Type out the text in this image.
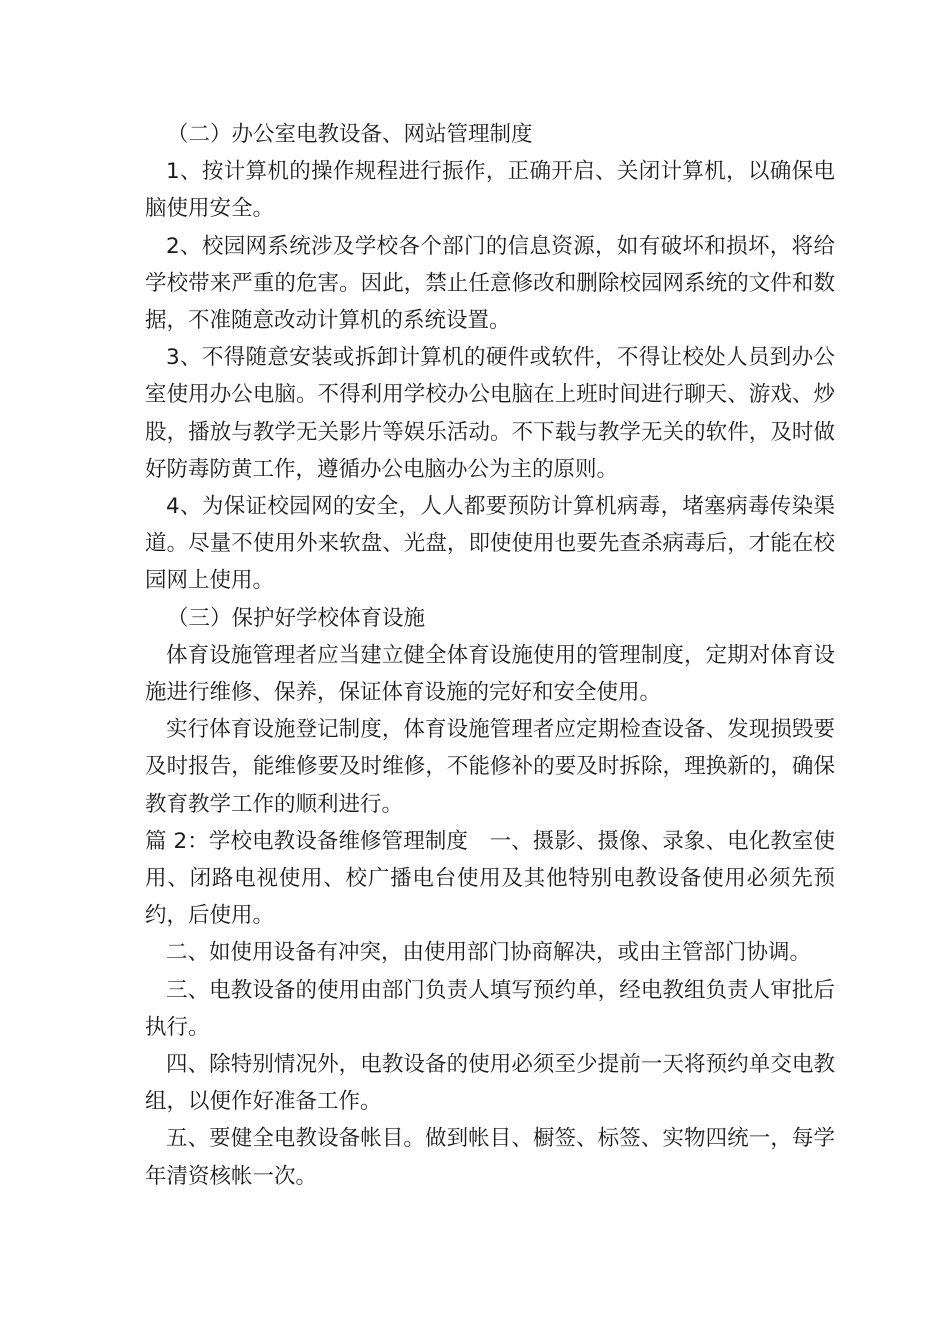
（二）办公室电教设备、网站管理制度

1、按计算机的操作规程进行振作，正确开启、关闭计算机，以确保电脑使用安全。

2、校园网系统涉及学校各个部门的信息资源，如有破坏和损坏，将给学校带来严重的危害。因此，禁止任意修改和删除校园网系统的文件和数据，不准随意改动计算机的系统设置。

3、不得随意安装或拆卸计算机的硬件或软件，不得让校处人员到办公室使用办公电脑。不得利用学校办公电脑在上班时间进行聊天、游戏、炒股，播放与教学无关影片等娱乐活动。不下载与教学无关的软件，及时做好防毒防黄工作，遵循办公电脑办公为主的原则。

4、为保证校园网的安全，人人都要预防计算机病毒，堵塞病毒传染渠道。尽量不使用外来软盘、光盘，即使使用也要先查杀病毒后，才能在校园网上使用。

（三）保护好学校体育设施

体育设施管理者应当建立健全体育设施使用的管理制度，定期对体育设施进行维修、保养，保证体育设施的完好和安全使用。

实行体育设施登记制度，体育设施管理者应定期检查设备、发现损毁要及时报告，能维修要及时维修，不能修补的要及时拆除，理换新的，确保教育教学工作的顺利进行。

篇 2：学校电教设备维修管理制度　一、摄影、摄像、录象、电化教室使用、闭路电视使用、校广播电台使用及其他特别电教设备使用必须先预约，后使用。

二、如使用设备有冲突，由使用部门协商解决，或由主管部门协调。

三、电教设备的使用由部门负责人填写预约单，经电教组负责人审批后执行。

四、除特别情况外，电教设备的使用必须至少提前一天将预约单交电教组，以便作好准备工作。

五、要健全电教设备帐目。做到帐目、橱签、标签、实物四统一，每学年清资核帐一次。
